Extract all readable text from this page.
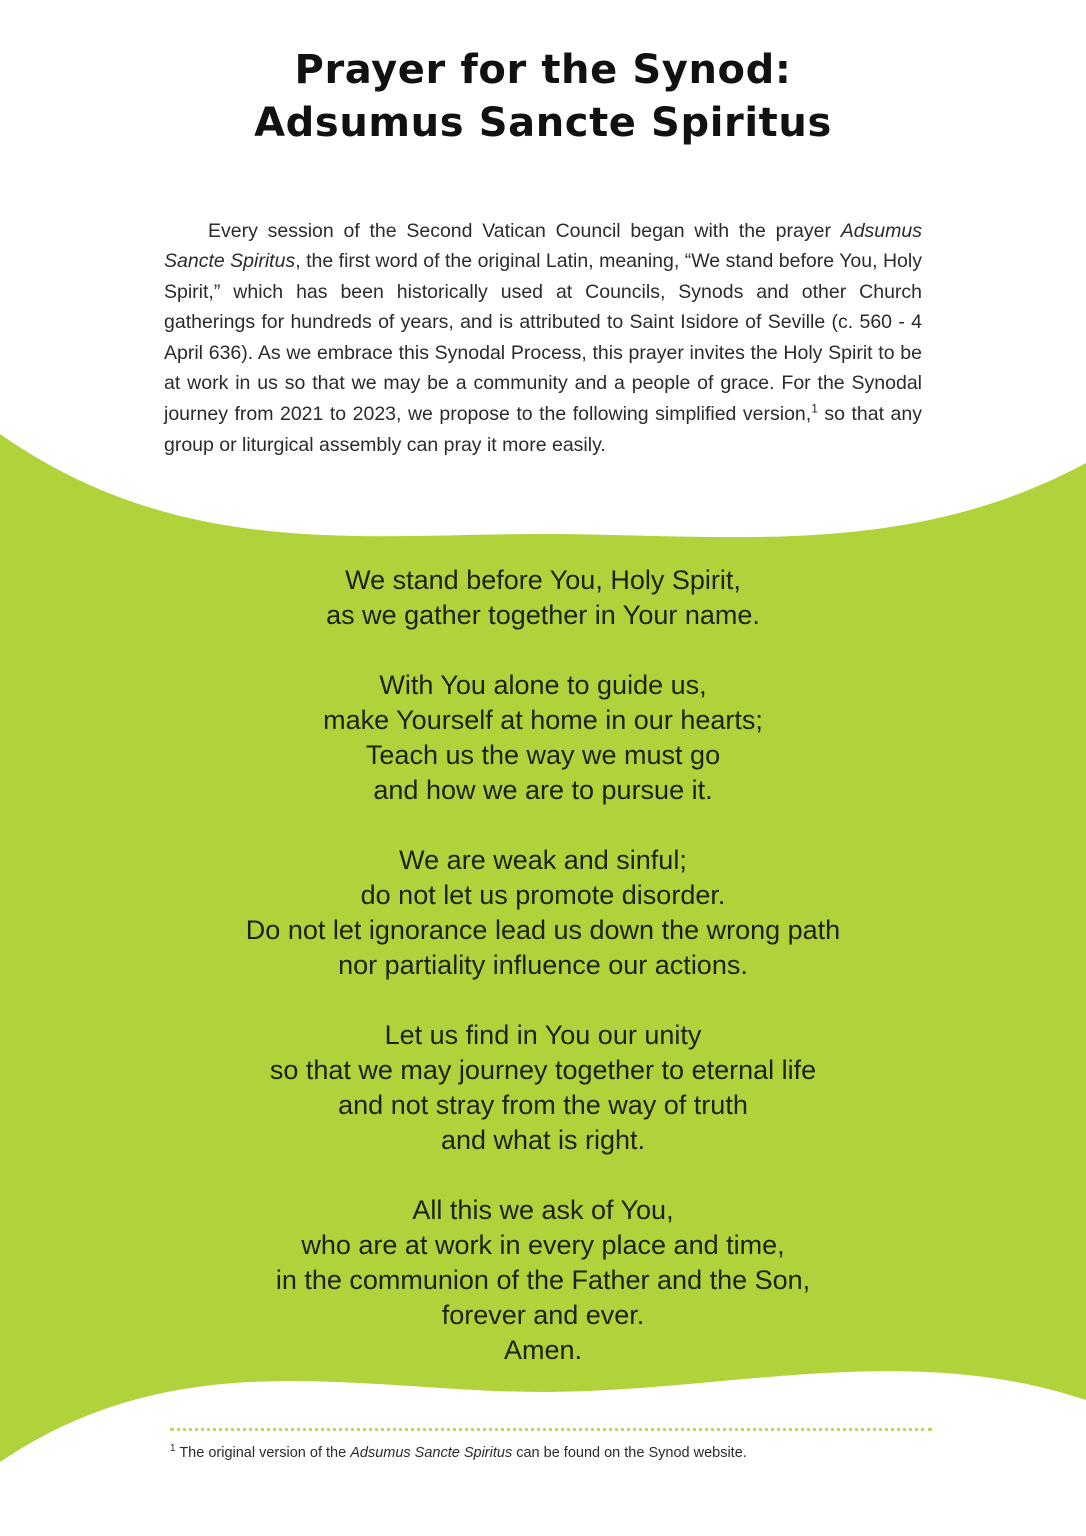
Prayer for the Synod:
Adsumus Sancte Spiritus

Every session of the Second Vatican Council began with the prayer Adsumus Sancte Spiritus, the first word of the original Latin, meaning, “We stand before You, Holy Spirit,” which has been historically used at Councils, Synods and other Church gatherings for hundreds of years, and is attributed to Saint Isidore of Seville (c. 560 - 4 April 636). As we embrace this Synodal Process, this prayer invites the Holy Spirit to be at work in us so that we may be a community and a people of grace. For the Synodal journey from 2021 to 2023, we propose to the following simplified version,$^1$ so that any group or liturgical assembly can pray it more easily.

We stand before You, Holy Spirit,
as we gather together in Your name.
With You alone to guide us,
make Yourself at home in our hearts;
Teach us the way we must go
and how we are to pursue it.
We are weak and sinful;
do not let us promote disorder.
Do not let ignorance lead us down the wrong path
nor partiality influence our actions.
Let us find in You our unity
so that we may journey together to eternal life
and not stray from the way of truth
and what is right.
All this we ask of You,
who are at work in every place and time,
in the communion of the Father and the Son,
forever and ever.
Amen.
$^1$ The original version of the Adsumus Sancte Spiritus can be found on the Synod website.
